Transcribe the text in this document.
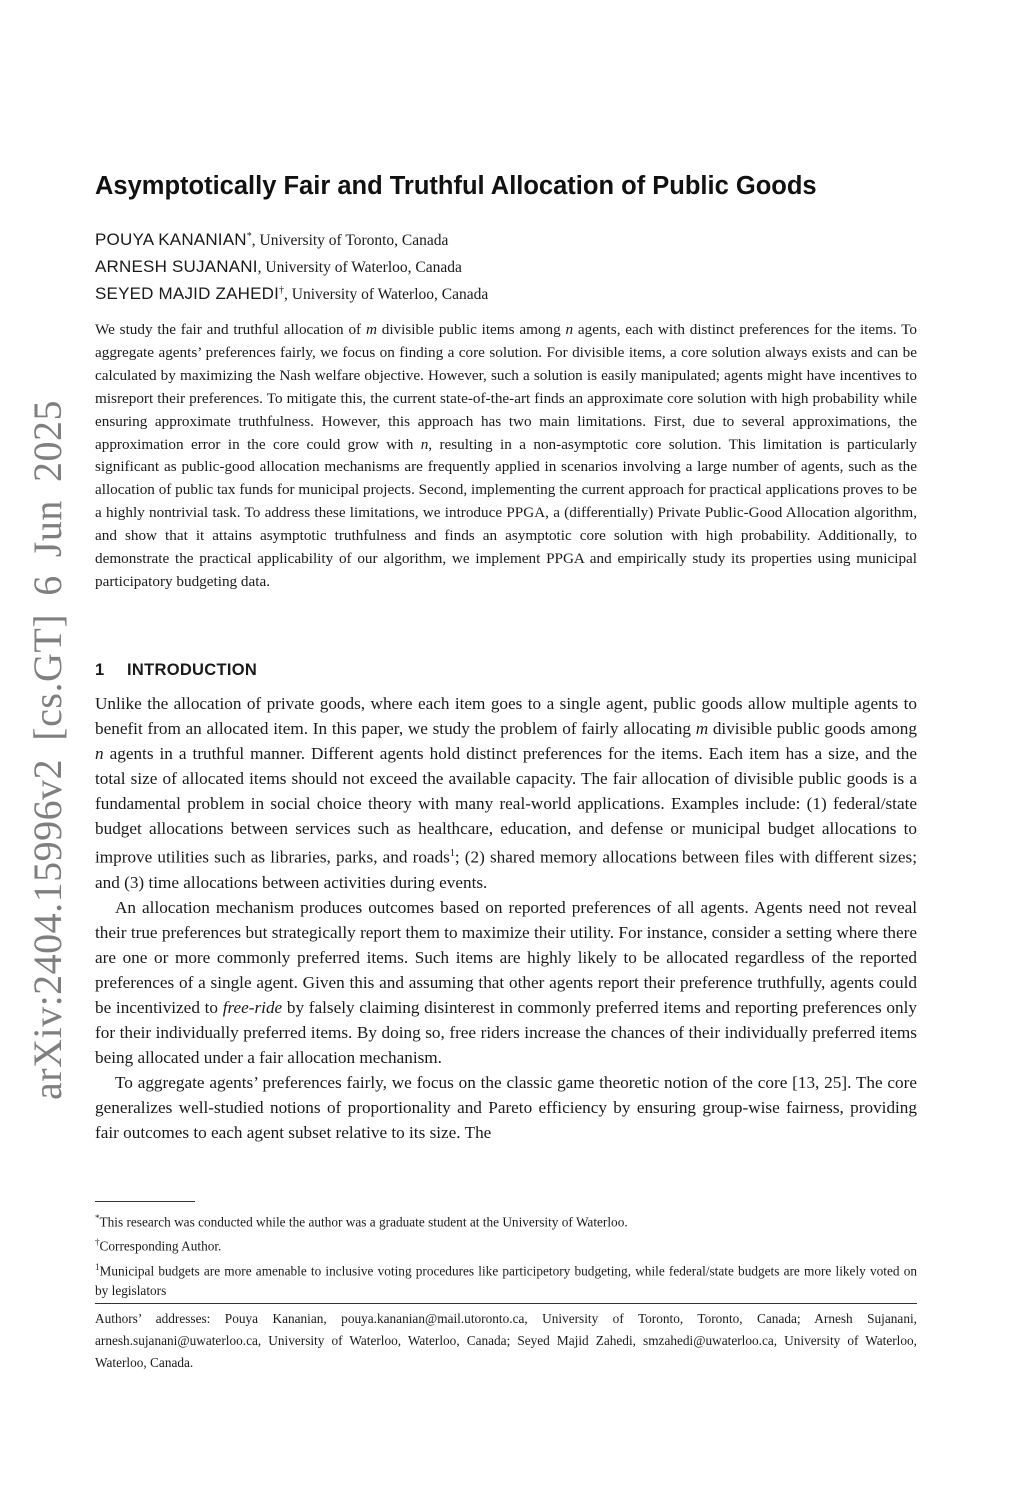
arXiv:2404.15996v2 [cs.GT] 6 Jun 2025
Asymptotically Fair and Truthful Allocation of Public Goods
POUYA KANANIAN*, University of Toronto, Canada
ARNESH SUJANANI, University of Waterloo, Canada
SEYED MAJID ZAHEDI†, University of Waterloo, Canada
We study the fair and truthful allocation of m divisible public items among n agents, each with distinct preferences for the items. To aggregate agents’ preferences fairly, we focus on finding a core solution. For divisible items, a core solution always exists and can be calculated by maximizing the Nash welfare objective. However, such a solution is easily manipulated; agents might have incentives to misreport their preferences. To mitigate this, the current state-of-the-art finds an approximate core solution with high probability while ensuring approximate truthfulness. However, this approach has two main limitations. First, due to several approximations, the approximation error in the core could grow with n, resulting in a non-asymptotic core solution. This limitation is particularly significant as public-good allocation mechanisms are frequently applied in scenarios involving a large number of agents, such as the allocation of public tax funds for municipal projects. Second, implementing the current approach for practical applications proves to be a highly nontrivial task. To address these limitations, we introduce PPGA, a (differentially) Private Public-Good Allocation algorithm, and show that it attains asymptotic truthfulness and finds an asymptotic core solution with high probability. Additionally, to demonstrate the practical applicability of our algorithm, we implement PPGA and empirically study its properties using municipal participatory budgeting data.
1 INTRODUCTION

Unlike the allocation of private goods, where each item goes to a single agent, public goods allow multiple agents to benefit from an allocated item. In this paper, we study the problem of fairly allocating m divisible public goods among n agents in a truthful manner. Different agents hold distinct preferences for the items. Each item has a size, and the total size of allocated items should not exceed the available capacity. The fair allocation of divisible public goods is a fundamental problem in social choice theory with many real-world applications. Examples include: (1) federal/state budget allocations between services such as healthcare, education, and defense or municipal budget allocations to improve utilities such as libraries, parks, and roads$^1$; (2) shared memory allocations between files with different sizes; and (3) time allocations between activities during events.

An allocation mechanism produces outcomes based on reported preferences of all agents. Agents need not reveal their true preferences but strategically report them to maximize their utility. For instance, consider a setting where there are one or more commonly preferred items. Such items are highly likely to be allocated regardless of the reported preferences of a single agent. Given this and assuming that other agents report their preference truthfully, agents could be incentivized to free-ride by falsely claiming disinterest in commonly preferred items and reporting preferences only for their individually preferred items. By doing so, free riders increase the chances of their individually preferred items being allocated under a fair allocation mechanism.

To aggregate agents’ preferences fairly, we focus on the classic game theoretic notion of the core [13, 25]. The core generalizes well-studied notions of proportionality and Pareto efficiency by ensuring group-wise fairness, providing fair outcomes to each agent subset relative to its size. The

*This research was conducted while the author was a graduate student at the University of Waterloo.

†Corresponding Author.

$^1$Municipal budgets are more amenable to inclusive voting procedures like participetory budgeting, while federal/state budgets are more likely voted on by legislators

Authors’ addresses: Pouya Kananian, pouya.kananian@mail.utoronto.ca, University of Toronto, Toronto, Canada; Arnesh Sujanani, arnesh.sujanani@uwaterloo.ca, University of Waterloo, Waterloo, Canada; Seyed Majid Zahedi, smzahedi@uwaterloo.ca, University of Waterloo, Waterloo, Canada.
